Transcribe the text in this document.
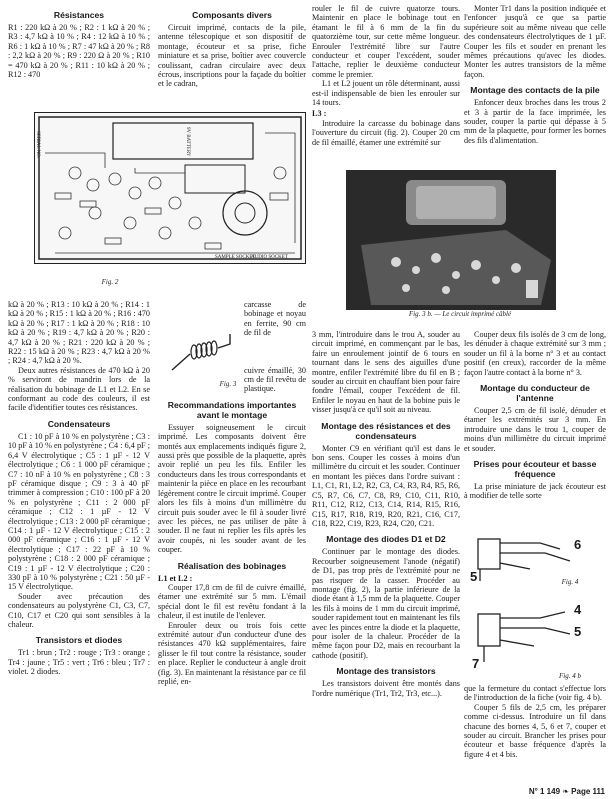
Résistances

R1 : 220 kΩ à 20 % ; R2 : 1 kΩ à 20 % ; R3 : 4,7 kΩ à 10 % ; R4 : 12 kΩ à 10 % ; R6 : 1 kΩ à 10 % ; R7 : 47 kΩ à 20 % ; R8 : 2,2 kΩ à 20 % ; R9 : 220 Ω à 20 % ; R10 = 470 kΩ à 20 % ; R11 : 10 kΩ à 20 % ; R12 : 470

Composants divers

Circuit imprimé, contacts de la pile, antenne télescopique et son dispositif de montage, écouteur et sa prise, fiche miniature et sa prise, boîtier avec couvercle coulissant, cadran circulaire avec deux écrous, inscriptions pour la façade du boîtier et le cadran,

rouler le fil de cuivre quatorze tours. Maintenir en place le bobinage tout en étamant le fil à 6 mm de la fin du quatorzième tour, sur cette même longueur. Enrouler l'extrémité libre sur l'autre conducteur et couper l'excédent, souder l'attache, replier le deuxième conducteur comme le premier.

L1 et L2 jouent un rôle déterminant, aussi est-il indispensable de bien les enrouler sur 14 tours.

L3 :

Introduire la carcasse du bobinage dans l'ouverture du circuit (fig. 2). Couper 20 cm de fil émaillé, étamer une extrémité sur

Monter Tr1 dans la position indiquée et l'enfoncer jusqu'à ce que sa partie supérieure soit au même niveau que celle des condensateurs électrolytiques de 1 µF. Couper les fils et souder en prenant les mêmes précautions qu'avec les diodes. Monter les autres transistors de la même façon.

Montage des contacts de la pile

Enfoncer deux broches dans les trous 2 et 3 à partir de la face imprimée, les souder, couper la partie qui dépasse à 5 mm de la plaquette, pour former les bornes des fils d'alimentation.

SERIAL NO.	9V BATTERY
SAMPLE SOCKET
AUDIO SOCKET
Fig. 2
Fig. 3 b. — Le circuit imprimé câblé

kΩ à 20 % ; R13 : 10 kΩ à 20 % ; R14 : 1 kΩ à 20 % ; R15 : 1 kΩ à 20 % ; R16 : 470 kΩ à 20 % ; R17 : 1 kΩ à 20 % ; R18 : 10 kΩ à 20 % ; R19 : 4,7 kΩ à 20 % ; R20 : 4,7 kΩ à 20 % ; R21 : 220 kΩ à 20 % ; R22 : 15 kΩ à 20 % ; R23 : 4,7 kΩ à 20 % ; R24 : 4,7 kΩ à 20 %.

Deux autres résistances de 470 kΩ à 20 % serviront de mandrin lors de la réalisation du bobinage de L1 et L2. En se conformant au code des couleurs, il est facile d'identifier toutes ces résistances.

Condensateurs

C1 : 10 pF à 10 % en polystyrène ; C3 : 10 pF à 10 % en polystyrène ; C4 : 6,4 pF ; 6,4 V électrolytique ; C5 : 1 µF - 12 V électrolytique ; C6 : 1 000 pF céramique ; C7 : 10 nF à 10 % en polystyrène ; C8 : 3 pF céramique disque ; C9 : 3 à 40 pF trimmer à compression ; C10 : 100 pF à 20 % en polystyrène ; C11 : 2 000 pF céramique ; C12 : 1 µF - 12 V électrolytique ; C13 : 2 000 pF céramique ; C14 : 1 µF - 12 V électrolytique ; C15 : 2 000 pF céramique ; C16 : 1 µF - 12 V électrolytique ; C17 : 22 pF à 10 % polystyrène ; C18 : 2 000 pF céramique ; C19 : 1 µF - 12 V électrolytique ; C20 : 330 pF à 10 % polystyrène ; C21 : 50 µF - 15 V électrolytique.

Souder avec précaution des condensateurs au polystyrène C1, C3, C7, C10, C17 et C20 qui sont sensibles à la chaleur.

Transistors et diodes

Tr1 : brun ; Tr2 : rouge ; Tr3 : orange ; Tr4 : jaune ; Tr5 : vert ; Tr6 : bleu ; Tr7 : violet. 2 diodes.

carcasse de bobinage et noyau en ferrite, 90 cm de fil de

cuivre émaillé, 30 cm de fil revêtu de plastique.

Recommandations importantes avant le montage

Essuyer soigneusement le circuit imprimé. Les composants doivent être montés aux emplacements indiqués figure 2, aussi près que possible de la plaquette, après avoir replié un peu les fils. Enfiler les conducteurs dans les trous correspondants et maintenir la pièce en place en les recourbant légèrement contre le circuit imprimé. Couper alors les fils à moins d'un millimètre du circuit puis souder avec le fil à souder livré avec les pièces, ne pas utiliser de pâte à souder. Il ne faut ni replier les fils après les avoir coupés, ni les souder avant de les couper.

Réalisation des bobinages
L1 et L2 :

Couper 17,8 cm de fil de cuivre émaillé, étamer une extrémité sur 5 mm. L'émail spécial dont le fil est revêtu fondant à la chaleur, il est inutile de l'enlever.

Enrouler deux ou trois fois cette extrémité autour d'un conducteur d'une des résistances 470 kΩ supplémentaires, faire glisser le fil tout contre la résistance, souder en place. Replier le conducteur à angle droit (fig. 3). En maintenant la résistance par ce fil replié, en-

Fig. 3

3 mm, l'introduire dans le trou A, souder au circuit imprimé, en commençant par le bas, faire un enroulement jointif de 6 tours en tournant dans le sens des aiguilles d'une montre, enfiler l'extrémité libre du fil en B ; souder au circuit en chauffant bien pour faire fondre l'émail, couper l'excédent de fil. Enfiler le noyau en haut de la bobine puis le visser jusqu'à ce qu'il soit au niveau.

Montage des résistances et des condensateurs

Monter C9 en vérifiant qu'il est dans le bon sens. Couper les cosses à moins d'un millimètre du circuit et les souder. Continuer en montant les pièces dans l'ordre suivant : L1, C1, R1, L2, R2, C3, C4, R3, R4, R5, R6, C5, R7, C6, C7, C8, R9, C10, C11, R10, R11, C12, R12, C13, C14, R14, R15, R16, C15, R17, R18, R19, R20, R21, C16, C17, C18, R22, C19, R23, R24, C20, C21.

Montage des diodes D1 et D2

Continuer par le montage des diodes. Recourber soigneusement l'anode (négatif) de D1, pas trop près de l'extrémité pour ne pas risquer de la casser. Procéder au montage (fig. 2), la partie inférieure de la diode étant à 1,5 mm de la plaquette. Couper les fils à moins de 1 mm du circuit imprimé, souder rapidement tout en maintenant les fils avec les pinces entre la diode et la plaquette, pour isoler de la chaleur. Procéder de la même façon pour D2, mais en recourbant la cathode (positif).

Montage des transistors

Les transistors doivent être montés dans l'ordre numérique (Tr1, Tr2, Tr3, etc...).

Couper deux fils isolés de 3 cm de long, les dénuder à chaque extrémité sur 3 mm ; souder un fil à la borne n° 3 et au contact positif (en creux), raccorder de la même façon l'autre contact à la borne n° 3.

Montage du conducteur de l'antenne

Couper 2,5 cm de fil isolé, dénuder et étamer les extrémités sur 3 mm. En introduire une dans le trou 1, couper de moins d'un millimètre du circuit imprimé et souder.

Prises pour écouteur et basse fréquence

La prise miniature de jack écouteur est à modifier de telle sorte

6
5	Fig. 4
4
5
7
Fig. 4 b

que la fermeture du contact s'effectue lors de l'introduction de la fiche (voir fig. 4 b).

Couper 5 fils de 2,5 cm, les préparer comme ci-dessus. Introduire un fil dans chacune des bornes 4, 5, 6 et 7, couper et souder au circuit. Brancher les prises pour écouteur et basse fréquence d'après la figure 4 et 4 bis.

N° 1 149 ❧ Page 111
